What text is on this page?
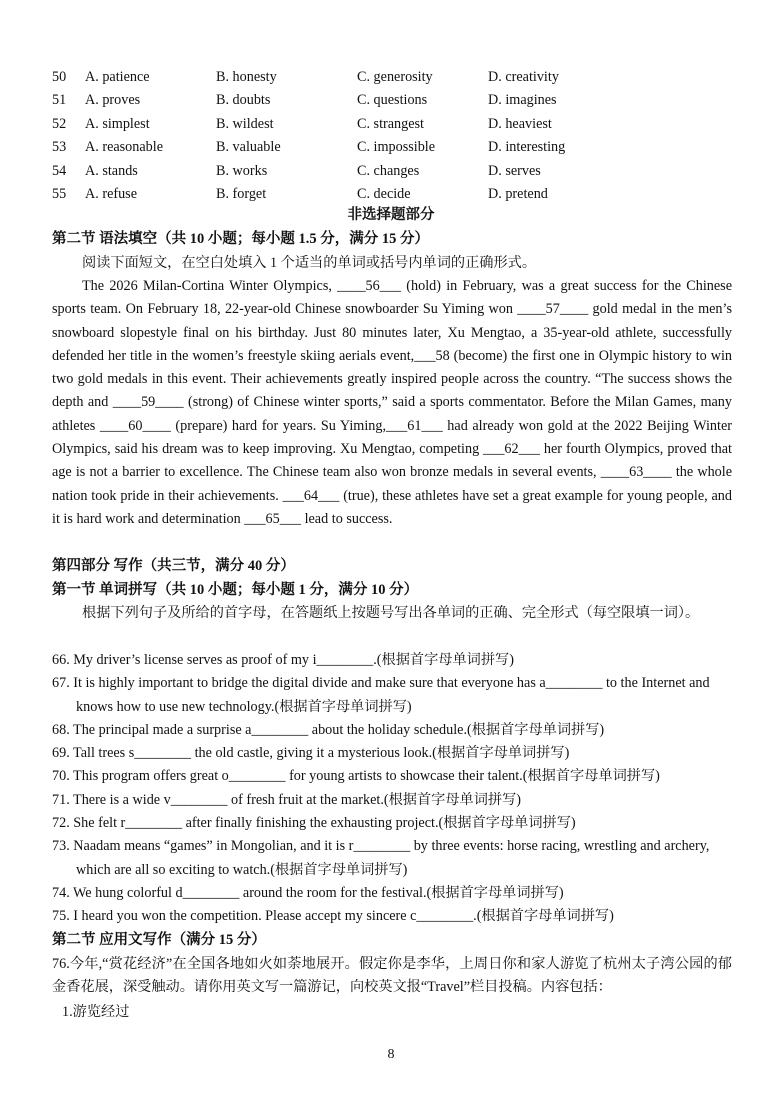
50 A. patience	B. honesty	C. generosity	D. creativity
51 A. proves	B. doubts	C. questions	D. imagines
52 A. simplest	B. wildest	C. strangest	D. heaviest
53 A. reasonable	B. valuable	C. impossible	D. interesting
54 A. stands	B. works	C. changes	D. serves
55 A. refuse	B. forget	C. decide	D. pretend
非选择题部分
第二节 语法填空（共 10 小题；每小题 1.5 分，满分 15 分）

阅读下面短文，在空白处填入 1 个适当的单词或括号内单词的正确形式。

The 2026 Milan-Cortina Winter Olympics, ____56___ (hold) in February, was a great success for the Chinese sports team. On February 18, 22-year-old Chinese snowboarder Su Yiming won ____57____ gold medal in the men’s snowboard slopestyle final on his birthday. Just 80 minutes later, Xu Mengtao, a 35-year-old athlete, successfully defended her title in the women’s freestyle skiing aerials event,___58 (become) the first one in Olympic history to win two gold medals in this event. Their achievements greatly inspired people across the country. “The success shows the depth and ____59____ (strong) of Chinese winter sports,” said a sports commentator. Before the Milan Games, many athletes ____60____ (prepare) hard for years. Su Yiming,___61___ had already won gold at the 2022 Beijing Winter Olympics, said his dream was to keep improving. Xu Mengtao, competing ___62___ her fourth Olympics, proved that age is not a barrier to excellence. The Chinese team also won bronze medals in several events, ____63____ the whole nation took pride in their achievements. ___64___ (true), these athletes have set a great example for young people, and it is hard work and determination ___65___ lead to success.

第四部分 写作（共三节，满分 40 分）
第一节 单词拼写（共 10 小题；每小题 1 分，满分 10 分）

根据下列句子及所给的首字母，在答题纸上按题号写出各单词的正确、完全形式（每空限填一词）。

66. My driver’s license serves as proof of my i________.(根据首字母单词拼写)
67. It is highly important to bridge the digital divide and make sure that everyone has a________ to the Internet and knows how to use new technology.(根据首字母单词拼写)
68. The principal made a surprise a________ about the holiday schedule.(根据首字母单词拼写)
69. Tall trees s________ the old castle, giving it a mysterious look.(根据首字母单词拼写)
70. This program offers great o________ for young artists to showcase their talent.(根据首字母单词拼写)
71. There is a wide v________ of fresh fruit at the market.(根据首字母单词拼写)
72. She felt r________ after finally finishing the exhausting project.(根据首字母单词拼写)
73. Naadam means “games” in Mongolian, and it is r________ by three events: horse racing, wrestling and archery, which are all so exciting to watch.(根据首字母单词拼写)
74. We hung colorful d________ around the room for the festival.(根据首字母单词拼写)
75. I heard you won the competition. Please accept my sincere c________.(根据首字母单词拼写)
第二节 应用文写作（满分 15 分）

76.今年,“赏花经济”在全国各地如火如荼地展开。假定你是李华，上周日你和家人游览了杭州太子湾公园的郁金香花展，深受触动。请你用英文写一篇游记，向校英文报“Travel”栏目投稿。内容包括：

1.游览经过
8
